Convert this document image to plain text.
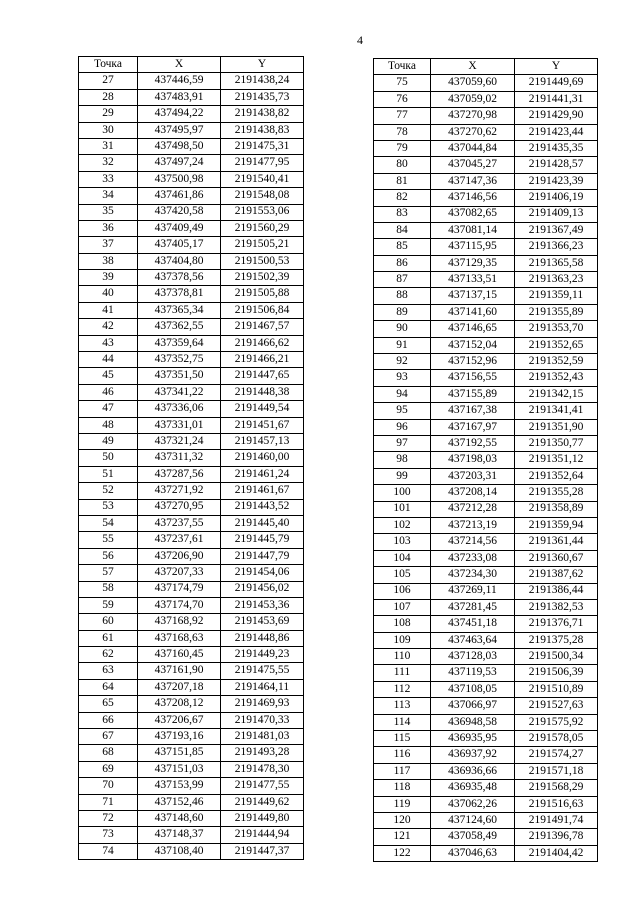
4
Точка	X	Y
27	437446,59	2191438,24
28	437483,91	2191435,73
29	437494,22	2191438,82
30	437495,97	2191438,83
31	437498,50	2191475,31
32	437497,24	2191477,95
33	437500,98	2191540,41
34	437461,86	2191548,08
35	437420,58	2191553,06
36	437409,49	2191560,29
37	437405,17	2191505,21
38	437404,80	2191500,53
39	437378,56	2191502,39
40	437378,81	2191505,88
41	437365,34	2191506,84
42	437362,55	2191467,57
43	437359,64	2191466,62
44	437352,75	2191466,21
45	437351,50	2191447,65
46	437341,22	2191448,38
47	437336,06	2191449,54
48	437331,01	2191451,67
49	437321,24	2191457,13
50	437311,32	2191460,00
51	437287,56	2191461,24
52	437271,92	2191461,67
53	437270,95	2191443,52
54	437237,55	2191445,40
55	437237,61	2191445,79
56	437206,90	2191447,79
57	437207,33	2191454,06
58	437174,79	2191456,02
59	437174,70	2191453,36
60	437168,92	2191453,69
61	437168,63	2191448,86
62	437160,45	2191449,23
63	437161,90	2191475,55
64	437207,18	2191464,11
65	437208,12	2191469,93
66	437206,67	2191470,33
67	437193,16	2191481,03
68	437151,85	2191493,28
69	437151,03	2191478,30
70	437153,99	2191477,55
71	437152,46	2191449,62
72	437148,60	2191449,80
73	437148,37	2191444,94
74	437108,40	2191447,37
Точка	X	Y
75	437059,60	2191449,69
76	437059,02	2191441,31
77	437270,98	2191429,90
78	437270,62	2191423,44
79	437044,84	2191435,35
80	437045,27	2191428,57
81	437147,36	2191423,39
82	437146,56	2191406,19
83	437082,65	2191409,13
84	437081,14	2191367,49
85	437115,95	2191366,23
86	437129,35	2191365,58
87	437133,51	2191363,23
88	437137,15	2191359,11
89	437141,60	2191355,89
90	437146,65	2191353,70
91	437152,04	2191352,65
92	437152,96	2191352,59
93	437156,55	2191352,43
94	437155,89	2191342,15
95	437167,38	2191341,41
96	437167,97	2191351,90
97	437192,55	2191350,77
98	437198,03	2191351,12
99	437203,31	2191352,64
100	437208,14	2191355,28
101	437212,28	2191358,89
102	437213,19	2191359,94
103	437214,56	2191361,44
104	437233,08	2191360,67
105	437234,30	2191387,62
106	437269,11	2191386,44
107	437281,45	2191382,53
108	437451,18	2191376,71
109	437463,64	2191375,28
110	437128,03	2191500,34
111	437119,53	2191506,39
112	437108,05	2191510,89
113	437066,97	2191527,63
114	436948,58	2191575,92
115	436935,95	2191578,05
116	436937,92	2191574,27
117	436936,66	2191571,18
118	436935,48	2191568,29
119	437062,26	2191516,63
120	437124,60	2191491,74
121	437058,49	2191396,78
122	437046,63	2191404,42
